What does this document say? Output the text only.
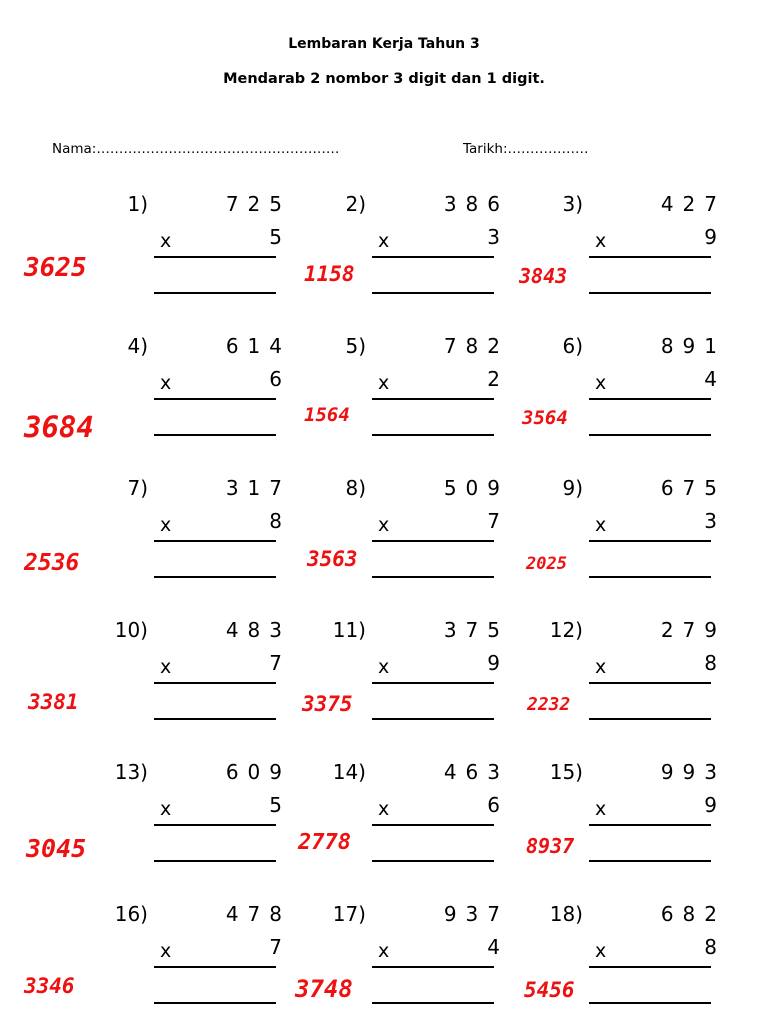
Lembaran Kerja Tahun 3
Mendarab 2 nombor 3 digit dan 1 digit.
Nama:………………………………………………	Tarikh:………………
1)	725
x	5
3625
2)	386
x	3
1158
3)	427
x	9
3843
4)	614
x	6
3684
5)	782
x	2
1564
6)	891
x	4
3564
7)	317
x	8
2536
8)	509
x	7
3563
9)	675
x	3
2025
10)	483
x	7
3381
11)	375
x	9
3375
12)	279
x	8
2232
13)	609
x	5
3045
14)	463
x	6
2778
15)	993
x	9
8937
16)	478
x	7
3346
17)	937
x	4
3748
18)	682
x	8
5456
